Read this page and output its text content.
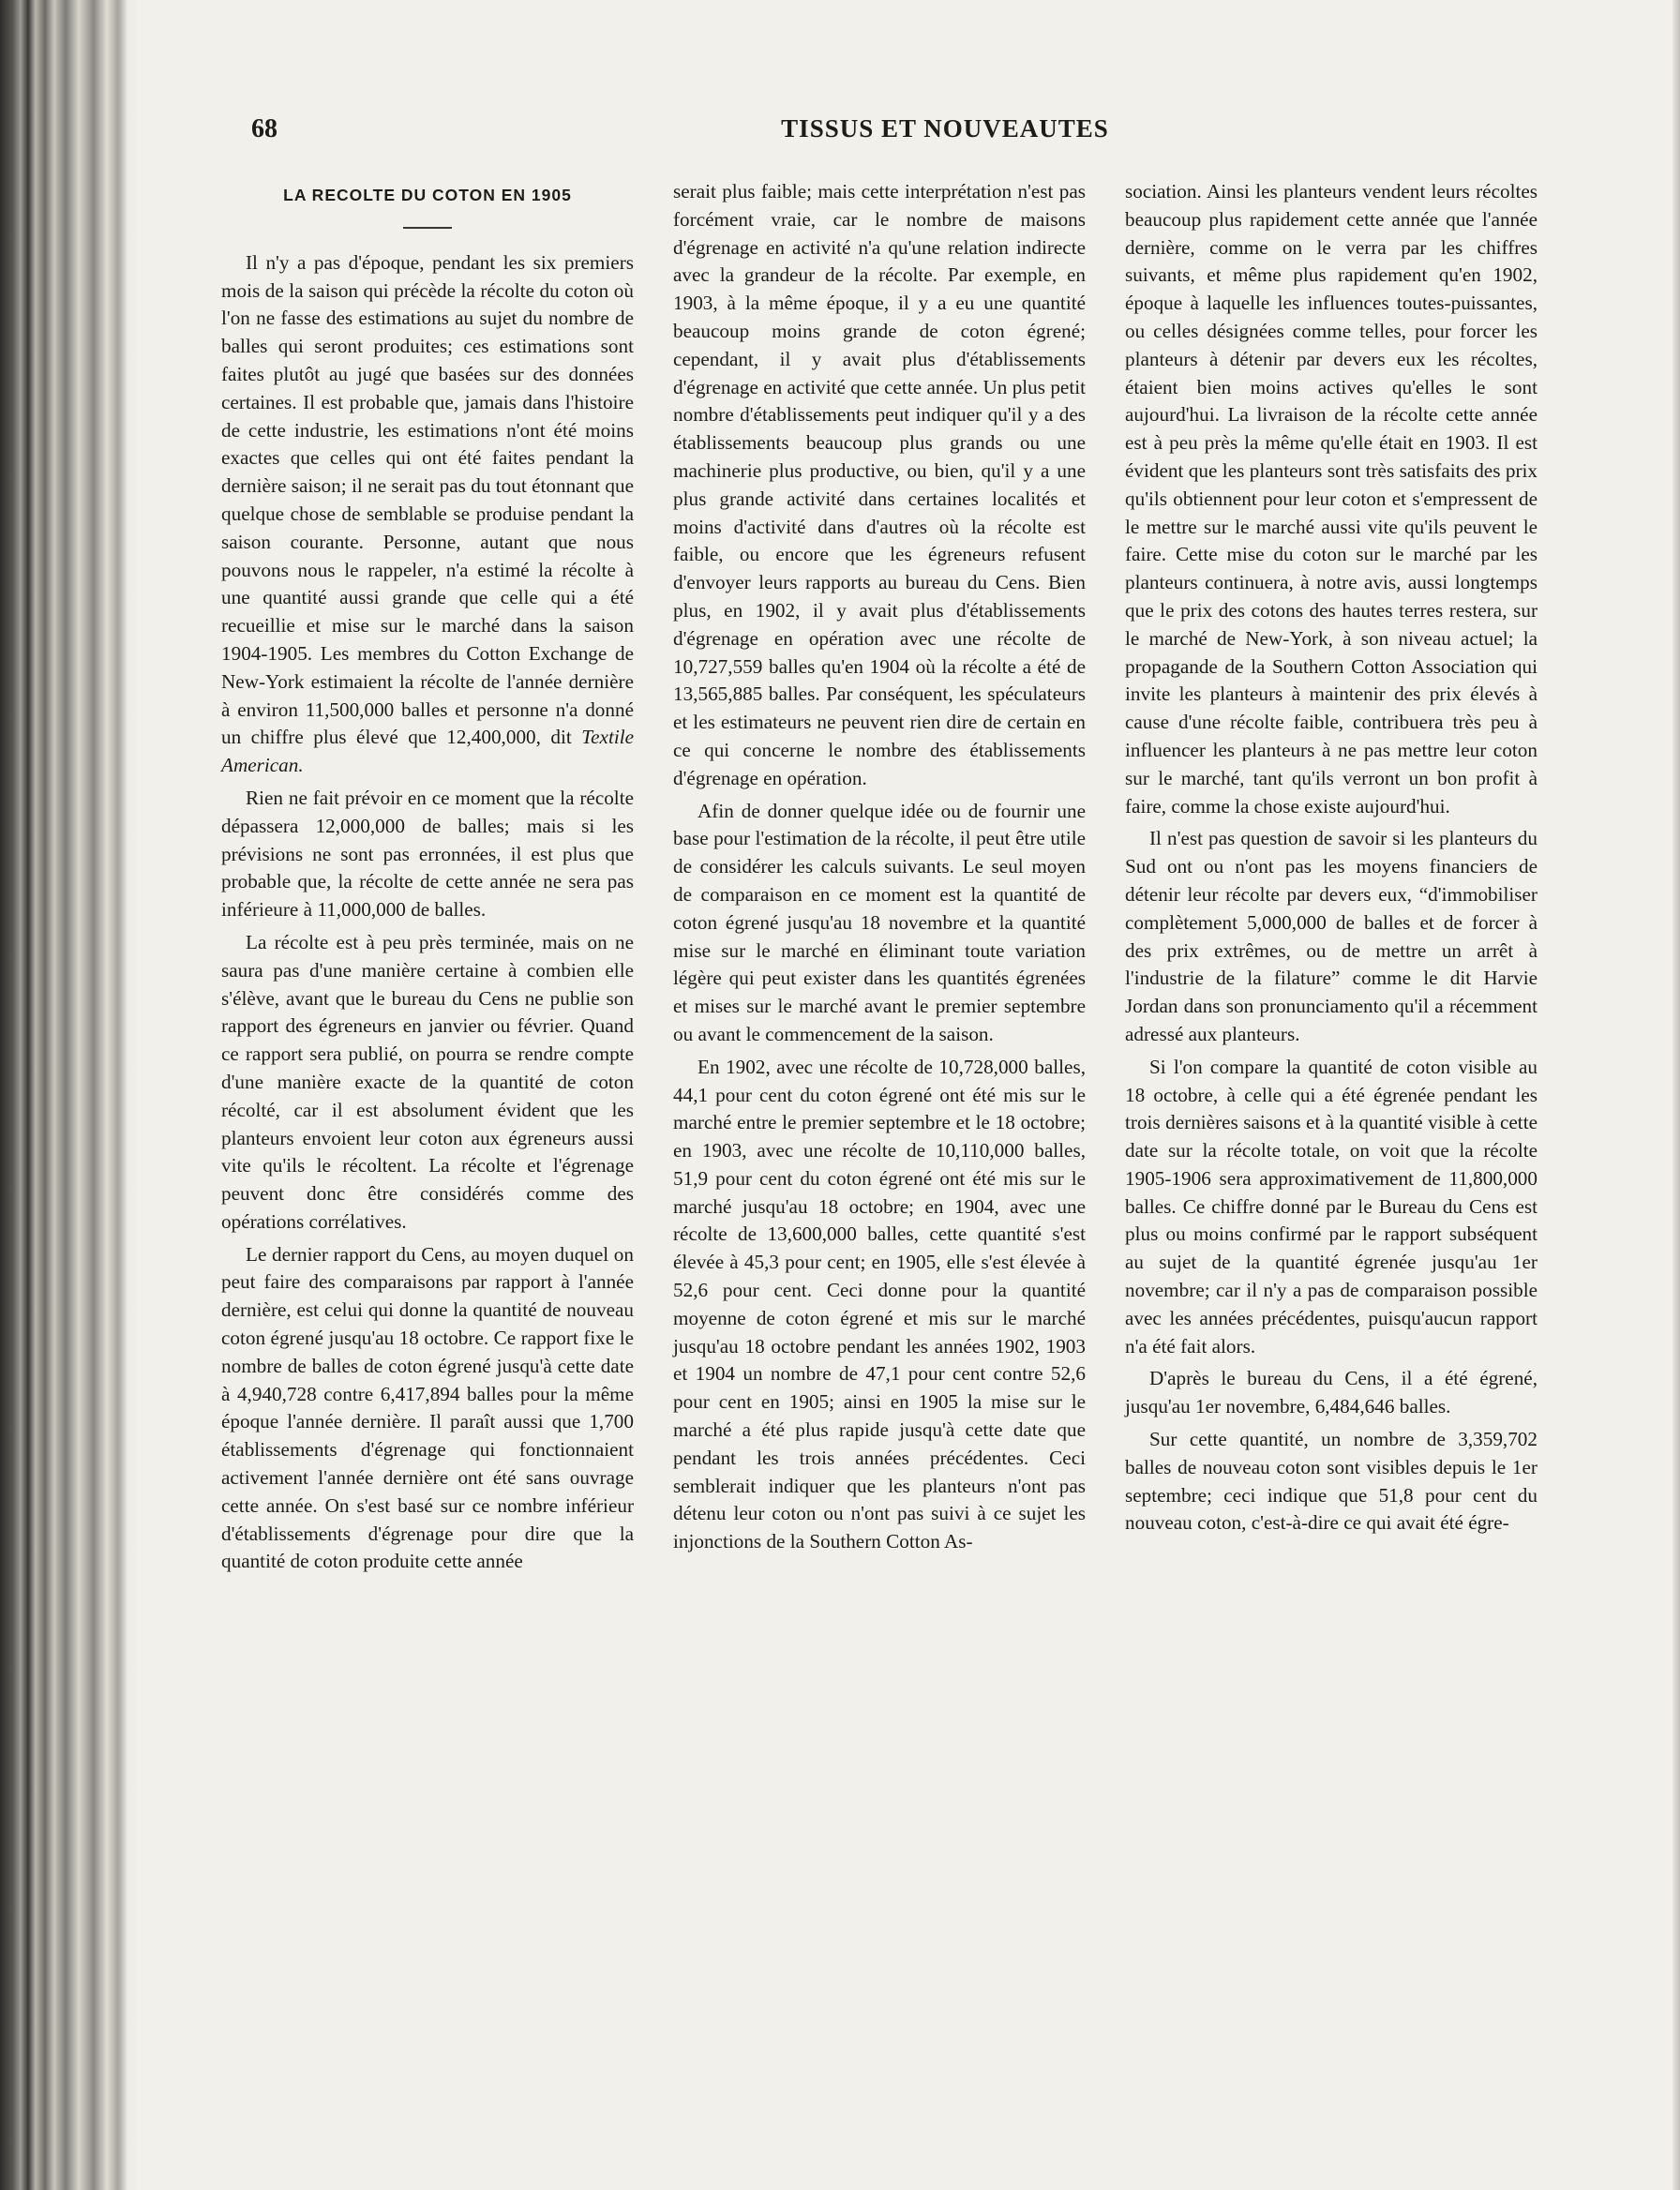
68	TISSUS ET NOUVEAUTES
LA RECOLTE DU COTON EN 1905

Il n'y a pas d'époque, pendant les six premiers mois de la saison qui précède la récolte du coton où l'on ne fasse des estimations au sujet du nombre de balles qui seront produites; ces estimations sont faites plutôt au jugé que basées sur des données certaines. Il est probable que, jamais dans l'histoire de cette industrie, les estimations n'ont été moins exactes que celles qui ont été faites pendant la dernière saison; il ne serait pas du tout étonnant que quelque chose de semblable se produise pendant la saison courante. Personne, autant que nous pouvons nous le rappeler, n'a estimé la récolte à une quantité aussi grande que celle qui a été recueillie et mise sur le marché dans la saison 1904-1905. Les membres du Cotton Exchange de New-York estimaient la récolte de l'année dernière à environ 11,500,000 balles et personne n'a donné un chiffre plus élevé que 12,400,000, dit Textile American.

Rien ne fait prévoir en ce moment que la récolte dépassera 12,000,000 de balles; mais si les prévisions ne sont pas erronnées, il est plus que probable que, la récolte de cette année ne sera pas inférieure à 11,000,000 de balles.

La récolte est à peu près terminée, mais on ne saura pas d'une manière certaine à combien elle s'élève, avant que le bureau du Cens ne publie son rapport des égreneurs en janvier ou février. Quand ce rapport sera publié, on pourra se rendre compte d'une manière exacte de la quantité de coton récolté, car il est absolument évident que les planteurs envoient leur coton aux égreneurs aussi vite qu'ils le récoltent. La récolte et l'égrenage peuvent donc être considérés comme des opérations corrélatives.

Le dernier rapport du Cens, au moyen duquel on peut faire des comparaisons par rapport à l'année dernière, est celui qui donne la quantité de nouveau coton égrené jusqu'au 18 octobre. Ce rapport fixe le nombre de balles de coton égrené jusqu'à cette date à 4,940,728 contre 6,417,894 balles pour la même époque l'année dernière. Il paraît aussi que 1,700 établissements d'égrenage qui fonctionnaient activement l'année dernière ont été sans ouvrage cette année. On s'est basé sur ce nombre inférieur d'établissements d'égrenage pour dire que la quantité de coton produite cette année

serait plus faible; mais cette interprétation n'est pas forcément vraie, car le nombre de maisons d'égrenage en activité n'a qu'une relation indirecte avec la grandeur de la récolte. Par exemple, en 1903, à la même époque, il y a eu une quantité beaucoup moins grande de coton égrené; cependant, il y avait plus d'établissements d'égrenage en activité que cette année. Un plus petit nombre d'établissements peut indiquer qu'il y a des établissements beaucoup plus grands ou une machinerie plus productive, ou bien, qu'il y a une plus grande activité dans certaines localités et moins d'activité dans d'autres où la récolte est faible, ou encore que les égreneurs refusent d'envoyer leurs rapports au bureau du Cens. Bien plus, en 1902, il y avait plus d'établissements d'égrenage en opération avec une récolte de 10,727,559 balles qu'en 1904 où la récolte a été de 13,565,885 balles. Par conséquent, les spéculateurs et les estimateurs ne peuvent rien dire de certain en ce qui concerne le nombre des établissements d'égrenage en opération.

Afin de donner quelque idée ou de fournir une base pour l'estimation de la récolte, il peut être utile de considérer les calculs suivants. Le seul moyen de comparaison en ce moment est la quantité de coton égrené jusqu'au 18 novembre et la quantité mise sur le marché en éliminant toute variation légère qui peut exister dans les quantités égrenées et mises sur le marché avant le premier septembre ou avant le commencement de la saison.

En 1902, avec une récolte de 10,728,000 balles, 44,1 pour cent du coton égrené ont été mis sur le marché entre le premier septembre et le 18 octobre; en 1903, avec une récolte de 10,110,000 balles, 51,9 pour cent du coton égrené ont été mis sur le marché jusqu'au 18 octobre; en 1904, avec une récolte de 13,600,000 balles, cette quantité s'est élevée à 45,3 pour cent; en 1905, elle s'est élevée à 52,6 pour cent. Ceci donne pour la quantité moyenne de coton égrené et mis sur le marché jusqu'au 18 octobre pendant les années 1902, 1903 et 1904 un nombre de 47,1 pour cent contre 52,6 pour cent en 1905; ainsi en 1905 la mise sur le marché a été plus rapide jusqu'à cette date que pendant les trois années précédentes. Ceci semblerait indiquer que les planteurs n'ont pas détenu leur coton ou n'ont pas suivi à ce sujet les injonctions de la Southern Cotton As-

sociation. Ainsi les planteurs vendent leurs récoltes beaucoup plus rapidement cette année que l'année dernière, comme on le verra par les chiffres suivants, et même plus rapidement qu'en 1902, époque à laquelle les influences toutes-puissantes, ou celles désignées comme telles, pour forcer les planteurs à détenir par devers eux les récoltes, étaient bien moins actives qu'elles le sont aujourd'hui. La livraison de la récolte cette année est à peu près la même qu'elle était en 1903. Il est évident que les planteurs sont très satisfaits des prix qu'ils obtiennent pour leur coton et s'empressent de le mettre sur le marché aussi vite qu'ils peuvent le faire. Cette mise du coton sur le marché par les planteurs continuera, à notre avis, aussi longtemps que le prix des cotons des hautes terres restera, sur le marché de New-York, à son niveau actuel; la propagande de la Southern Cotton Association qui invite les planteurs à maintenir des prix élevés à cause d'une récolte faible, contribuera très peu à influencer les planteurs à ne pas mettre leur coton sur le marché, tant qu'ils verront un bon profit à faire, comme la chose existe aujourd'hui.

Il n'est pas question de savoir si les planteurs du Sud ont ou n'ont pas les moyens financiers de détenir leur récolte par devers eux, “d'immobiliser complètement 5,000,000 de balles et de forcer à des prix extrêmes, ou de mettre un arrêt à l'industrie de la filature” comme le dit Harvie Jordan dans son pronunciamento qu'il a récemment adressé aux planteurs.

Si l'on compare la quantité de coton visible au 18 octobre, à celle qui a été égrenée pendant les trois dernières saisons et à la quantité visible à cette date sur la récolte totale, on voit que la récolte 1905-1906 sera approximativement de 11,800,000 balles. Ce chiffre donné par le Bureau du Cens est plus ou moins confirmé par le rapport subséquent au sujet de la quantité égrenée jusqu'au 1er novembre; car il n'y a pas de comparaison possible avec les années précédentes, puisqu'aucun rapport n'a été fait alors.

D'après le bureau du Cens, il a été égrené, jusqu'au 1er novembre, 6,484,646 balles.

Sur cette quantité, un nombre de 3,359,702 balles de nouveau coton sont visibles depuis le 1er septembre; ceci indique que 51,8 pour cent du nouveau coton, c'est-à-dire ce qui avait été égre-
